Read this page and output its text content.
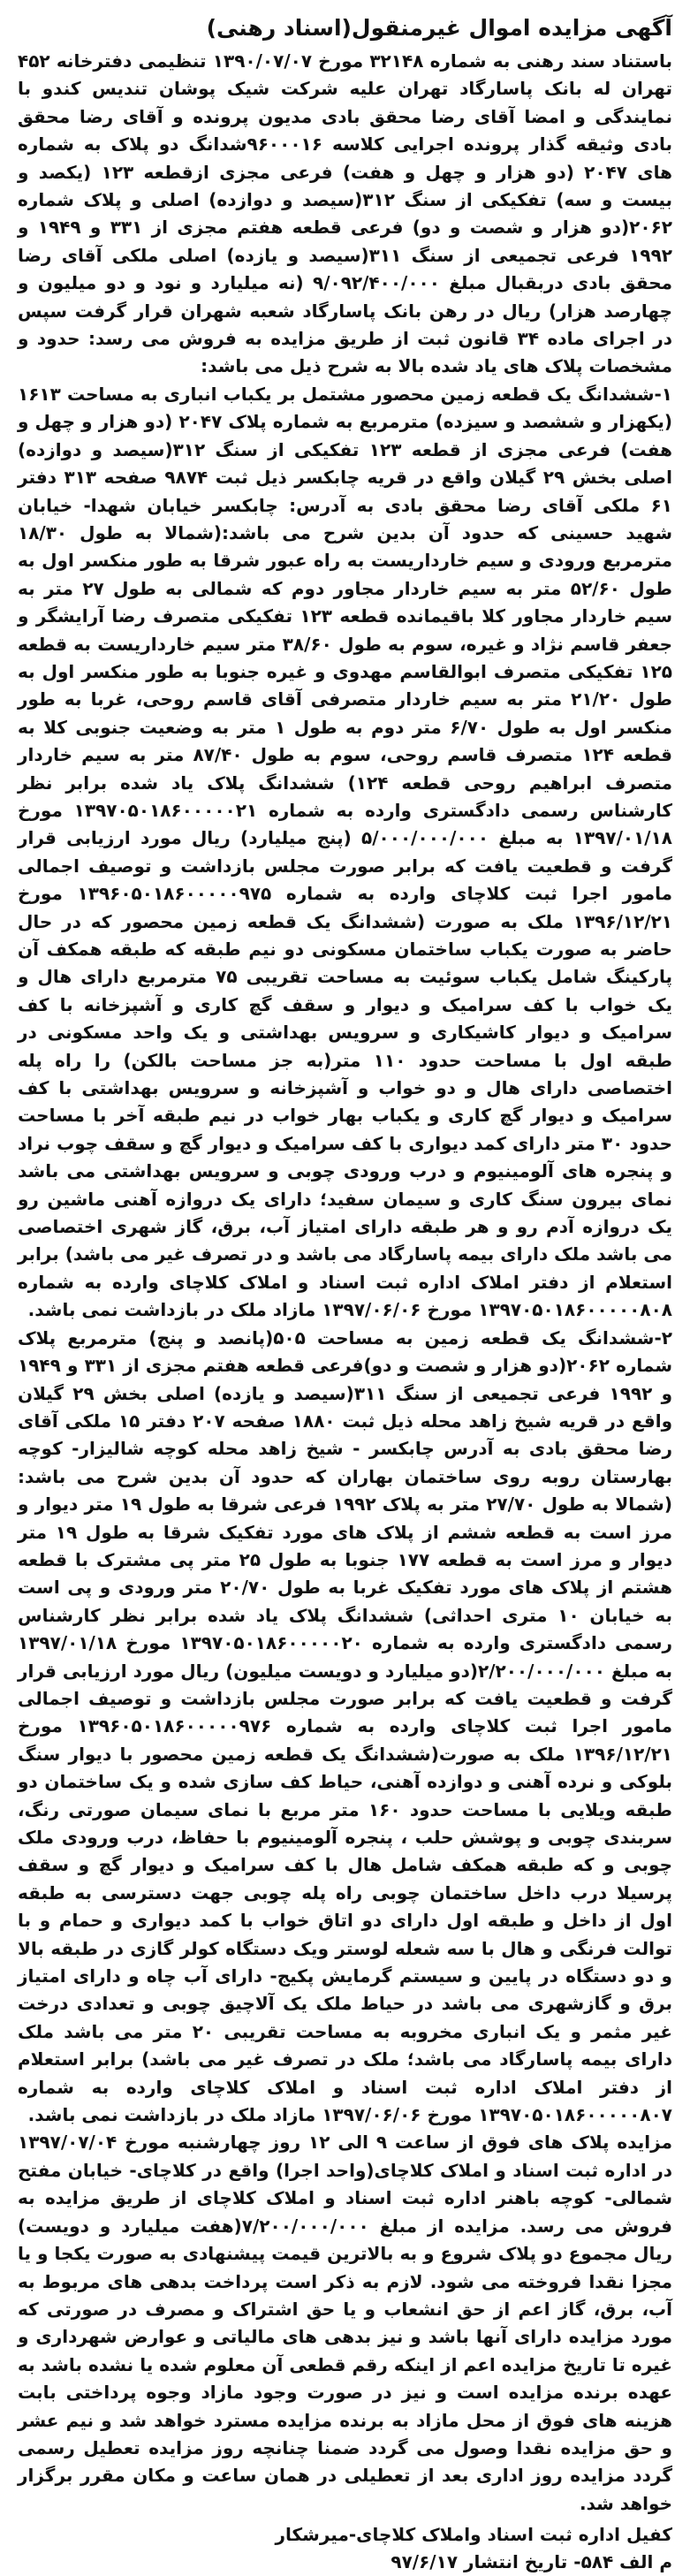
آگهی مزایده اموال غیرمنقول(اسناد رهنی)

باستناد سند رهنی به شماره ۳۲۱۴۸ مورخ ۱۳۹۰/۰۷/۰۷ تنظیمی دفترخانه ۴۵۲ تهران له بانک پاسارگاد تهران علیه شرکت شیک پوشان تندیس کندو با نمایندگی و امضا آقای رضا محقق بادی مدیون پرونده و آقای رضا محقق بادی وثیقه گذار پرونده اجرایی کلاسه ۹۶۰۰۰۱۶شدانگ دو پلاک به شماره های ۲۰۴۷ (دو هزار و چهل و هفت) فرعی مجزی ازقطعه ۱۲۳ (یکصد و بیست و سه) تفکیکی از سنگ ۳۱۲(سیصد و دوازده) اصلی و پلاک شماره ۲۰۶۲(دو هزار و شصت و دو) فرعی قطعه هفتم مجزی از ۳۳۱ و ۱۹۴۹ و ۱۹۹۲ فرعی تجمیعی از سنگ ۳۱۱(سیصد و یازده) اصلی ملکی آقای رضا محقق بادی دربقبال مبلغ ۹/۰۹۲/۴۰۰/۰۰۰ (نه میلیارد و نود و دو میلیون و چهارصد هزار) ریال در رهن بانک پاسارگاد شعبه شهران قرار گرفت سپس در اجرای ماده ۳۴ قانون ثبت از طریق مزایده به فروش می رسد: حدود و مشخصات پلاک های یاد شده بالا به شرح ذیل می باشد:

۱-ششدانگ یک قطعه زمین محصور مشتمل بر یکباب انباری به مساحت ۱۶۱۳ (یکهزار و ششصد و سیزده) مترمربع به شماره پلاک ۲۰۴۷ (دو هزار و چهل و هفت) فرعی مجزی از قطعه ۱۲۳ تفکیکی از سنگ ۳۱۲(سیصد و دوازده) اصلی بخش ۲۹ گیلان واقع در قریه چابکسر ذیل ثبت ۹۸۷۴ صفحه ۳۱۳ دفتر ۶۱ ملکی آقای رضا محقق بادی به آدرس: چابکسر خیابان شهدا- خیابان شهید حسینی که حدود آن بدین شرح می باشد:(شمالا به طول ۱۸/۳۰ مترمربع ورودی و سیم خارداریست به راه عبور شرقا به طور منکسر اول به طول ۵۲/۶۰ متر به سیم خاردار مجاور دوم که شمالی به طول ۲۷ متر به سیم خاردار مجاور کلا باقیمانده قطعه ۱۲۳ تفکیکی متصرف رضا آرایشگر و جعفر قاسم نژاد و غیره، سوم به طول ۳۸/۶۰ متر سیم خارداریست به قطعه ۱۲۵ تفکیکی متصرف ابوالقاسم مهدوی و غیره جنوبا به طور منکسر اول به طول ۲۱/۲۰ متر به سیم خاردار متصرفی آقای قاسم روحی، غربا به طور منکسر اول به طول ۶/۷۰ متر دوم به طول ۱ متر به وضعیت جنوبی کلا به قطعه ۱۲۴ متصرف قاسم روحی، سوم به طول ۸۷/۴۰ متر به سیم خاردار متصرف ابراهیم روحی قطعه ۱۲۴) ششدانگ پلاک یاد شده برابر نظر کارشناس رسمی دادگستری وارده به شماره ۱۳۹۷۰۵۰۱۸۶۰۰۰۰۰۲۱ مورخ ۱۳۹۷/۰۱/۱۸ به مبلغ ۵/۰۰۰/۰۰۰/۰۰۰ (پنج میلیارد) ریال مورد ارزیابی قرار گرفت و قطعیت یافت که برابر صورت مجلس بازداشت و توصیف اجمالی مامور اجرا ثبت کلاچای وارده به شماره ۱۳۹۶۰۵۰۱۸۶۰۰۰۰۰۹۷۵ مورخ ۱۳۹۶/۱۲/۲۱ ملک به صورت (ششدانگ یک قطعه زمین محصور که در حال حاضر به صورت یکباب ساختمان مسکونی دو نیم طبقه که طبقه همکف آن پارکینگ شامل یکباب سوئیت به مساحت تقریبی ۷۵ مترمربع دارای هال و یک خواب با کف سرامیک و دیوار و سقف گچ کاری و آشپزخانه با کف سرامیک و دیوار کاشیکاری و سرویس بهداشتی و یک واحد مسکونی در طبقه اول با مساحت حدود ۱۱۰ متر(به جز مساحت بالکن) را راه پله اختصاصی دارای هال و دو خواب و آشپزخانه و سرویس بهداشتی با کف سرامیک و دیوار گچ کاری و یکباب بهار خواب در نیم طبقه آخر با مساحت حدود ۳۰ متر دارای کمد دیواری با کف سرامیک و دیوار گچ و سقف چوب نراد و پنجره های آلومینیوم و درب ورودی چوبی و سرویس بهداشتی می باشد نمای بیرون سنگ کاری و سیمان سفید؛ دارای یک دروازه آهنی ماشین رو یک دروازه آدم رو و هر طبقه دارای امتیاز آب، برق، گاز شهری اختصاصی می باشد ملک دارای بیمه پاسارگاد می باشد و در تصرف غیر می باشد) برابر استعلام از دفتر املاک اداره ثبت اسناد و املاک کلاچای وارده به شماره ۱۳۹۷۰۵۰۱۸۶۰۰۰۰۰۸۰۸ مورخ ۱۳۹۷/۰۶/۰۶ مازاد ملک در بازداشت نمی باشد.

۲-ششدانگ یک قطعه زمین به مساحت ۵۰۵(پانصد و پنج) مترمربع پلاک شماره ۲۰۶۲(دو هزار و شصت و دو)فرعی قطعه هفتم مجزی از ۳۳۱ و ۱۹۴۹ و ۱۹۹۲ فرعی تجمیعی از سنگ ۳۱۱(سیصد و یازده) اصلی بخش ۲۹ گیلان واقع در قریه شیخ زاهد محله ذیل ثبت ۱۸۸۰ صفحه ۲۰۷ دفتر ۱۵ ملکی آقای رضا محقق بادی به آدرس چابکسر - شیخ زاهد محله کوچه شالیزار- کوچه بهارستان روبه روی ساختمان بهاران که حدود آن بدین شرح می باشد:(شمالا به طول ۲۷/۷۰ متر به پلاک ۱۹۹۲ فرعی شرقا به طول ۱۹ متر دیوار و مرز است به قطعه ششم از پلاک های مورد تفکیک شرقا به طول ۱۹ متر دیوار و مرز است به قطعه ۱۷۷ جنوبا به طول ۲۵ متر پی مشترک با قطعه هشتم از پلاک های مورد تفکیک غربا به طول ۲۰/۷۰ متر ورودی و پی است به خیابان ۱۰ متری احداثی) ششدانگ پلاک یاد شده برابر نظر کارشناس رسمی دادگستری وارده به شماره ۱۳۹۷۰۵۰۱۸۶۰۰۰۰۰۲۰ مورخ ۱۳۹۷/۰۱/۱۸ به مبلغ ۲/۲۰۰/۰۰۰/۰۰۰(دو میلیارد و دویست میلیون) ریال مورد ارزیابی قرار گرفت و قطعیت یافت که برابر صورت مجلس بازداشت و توصیف اجمالی مامور اجرا ثبت کلاچای وارده به شماره ۱۳۹۶۰۵۰۱۸۶۰۰۰۰۰۹۷۶ مورخ ۱۳۹۶/۱۲/۲۱ ملک به صورت(ششدانگ یک قطعه زمین محصور با دیوار سنگ بلوکی و نرده آهنی و دوازده آهنی، حیاط کف سازی شده و یک ساختمان دو طبقه ویلایی با مساحت حدود ۱۶۰ متر مربع با نمای سیمان صورتی رنگ، سربندی چوبی و پوشش حلب ، پنجره آلومینیوم با حفاظ، درب ورودی ملک چوبی و که طبقه همکف شامل هال با کف سرامیک و دیوار گچ و سقف پرسیلا درب داخل ساختمان چوبی راه پله چوبی جهت دسترسی به طبقه اول از داخل و طبقه اول دارای دو اتاق خواب با کمد دیواری و حمام و با توالت فرنگی و هال با سه شعله لوستر ویک دستگاه کولر گازی در طبقه بالا و دو دستگاه در پایین و سیستم گرمایش پکیج- دارای آب چاه و دارای امتیاز برق و گازشهری می باشد در حیاط ملک یک آلاچیق چوبی و تعدادی درخت غیر مثمر و یک انباری مخروبه به مساحت تقریبی ۲۰ متر می باشد ملک دارای بیمه پاسارگاد می باشد؛ ملک در تصرف غیر می باشد) برابر استعلام از دفتر املاک اداره ثبت اسناد و املاک کلاچای وارده به شماره ۱۳۹۷۰۵۰۱۸۶۰۰۰۰۰۸۰۷ مورخ ۱۳۹۷/۰۶/۰۶ مازاد ملک در بازداشت نمی باشد.

مزایده پلاک های فوق از ساعت ۹ الی ۱۲ روز چهارشنبه مورخ ۱۳۹۷/۰۷/۰۴ در اداره ثبت اسناد و املاک کلاچای(واحد اجرا) واقع در کلاچای- خیابان مفتح شمالی- کوچه باهنر اداره ثبت اسناد و املاک کلاچای از طریق مزایده به فروش می رسد. مزایده از مبلغ ۷/۲۰۰/۰۰۰/۰۰۰(هفت میلیارد و دویست) ریال مجموع دو پلاک شروع و به بالاترین قیمت پیشنهادی به صورت یکجا و یا مجزا نقدا فروخته می شود. لازم به ذکر است پرداخت بدهی های مربوط به آب، برق، گاز اعم از حق انشعاب و یا حق اشتراک و مصرف در صورتی که مورد مزایده دارای آنها باشد و نیز بدهی های مالیاتی و عوارض شهرداری و غیره تا تاریخ مزایده اعم از اینکه رقم قطعی آن معلوم شده یا نشده باشد به عهده برنده مزایده است و نیز در صورت وجود مازاد وجوه پرداختی بابت هزینه های فوق از محل مازاد به برنده مزایده مسترد خواهد شد و نیم عشر و حق مزایده نقدا وصول می گردد ضمنا چنانچه روز مزایده تعطیل رسمی گردد مزایده روز اداری بعد از تعطیلی در همان ساعت و مکان مقرر برگزار خواهد شد.

کفیل اداره ثبت اسناد واملاک کلاچای-میرشکار
م الف ۵۸۴- تاریخ انتشار ۹۷/۶/۱۷
